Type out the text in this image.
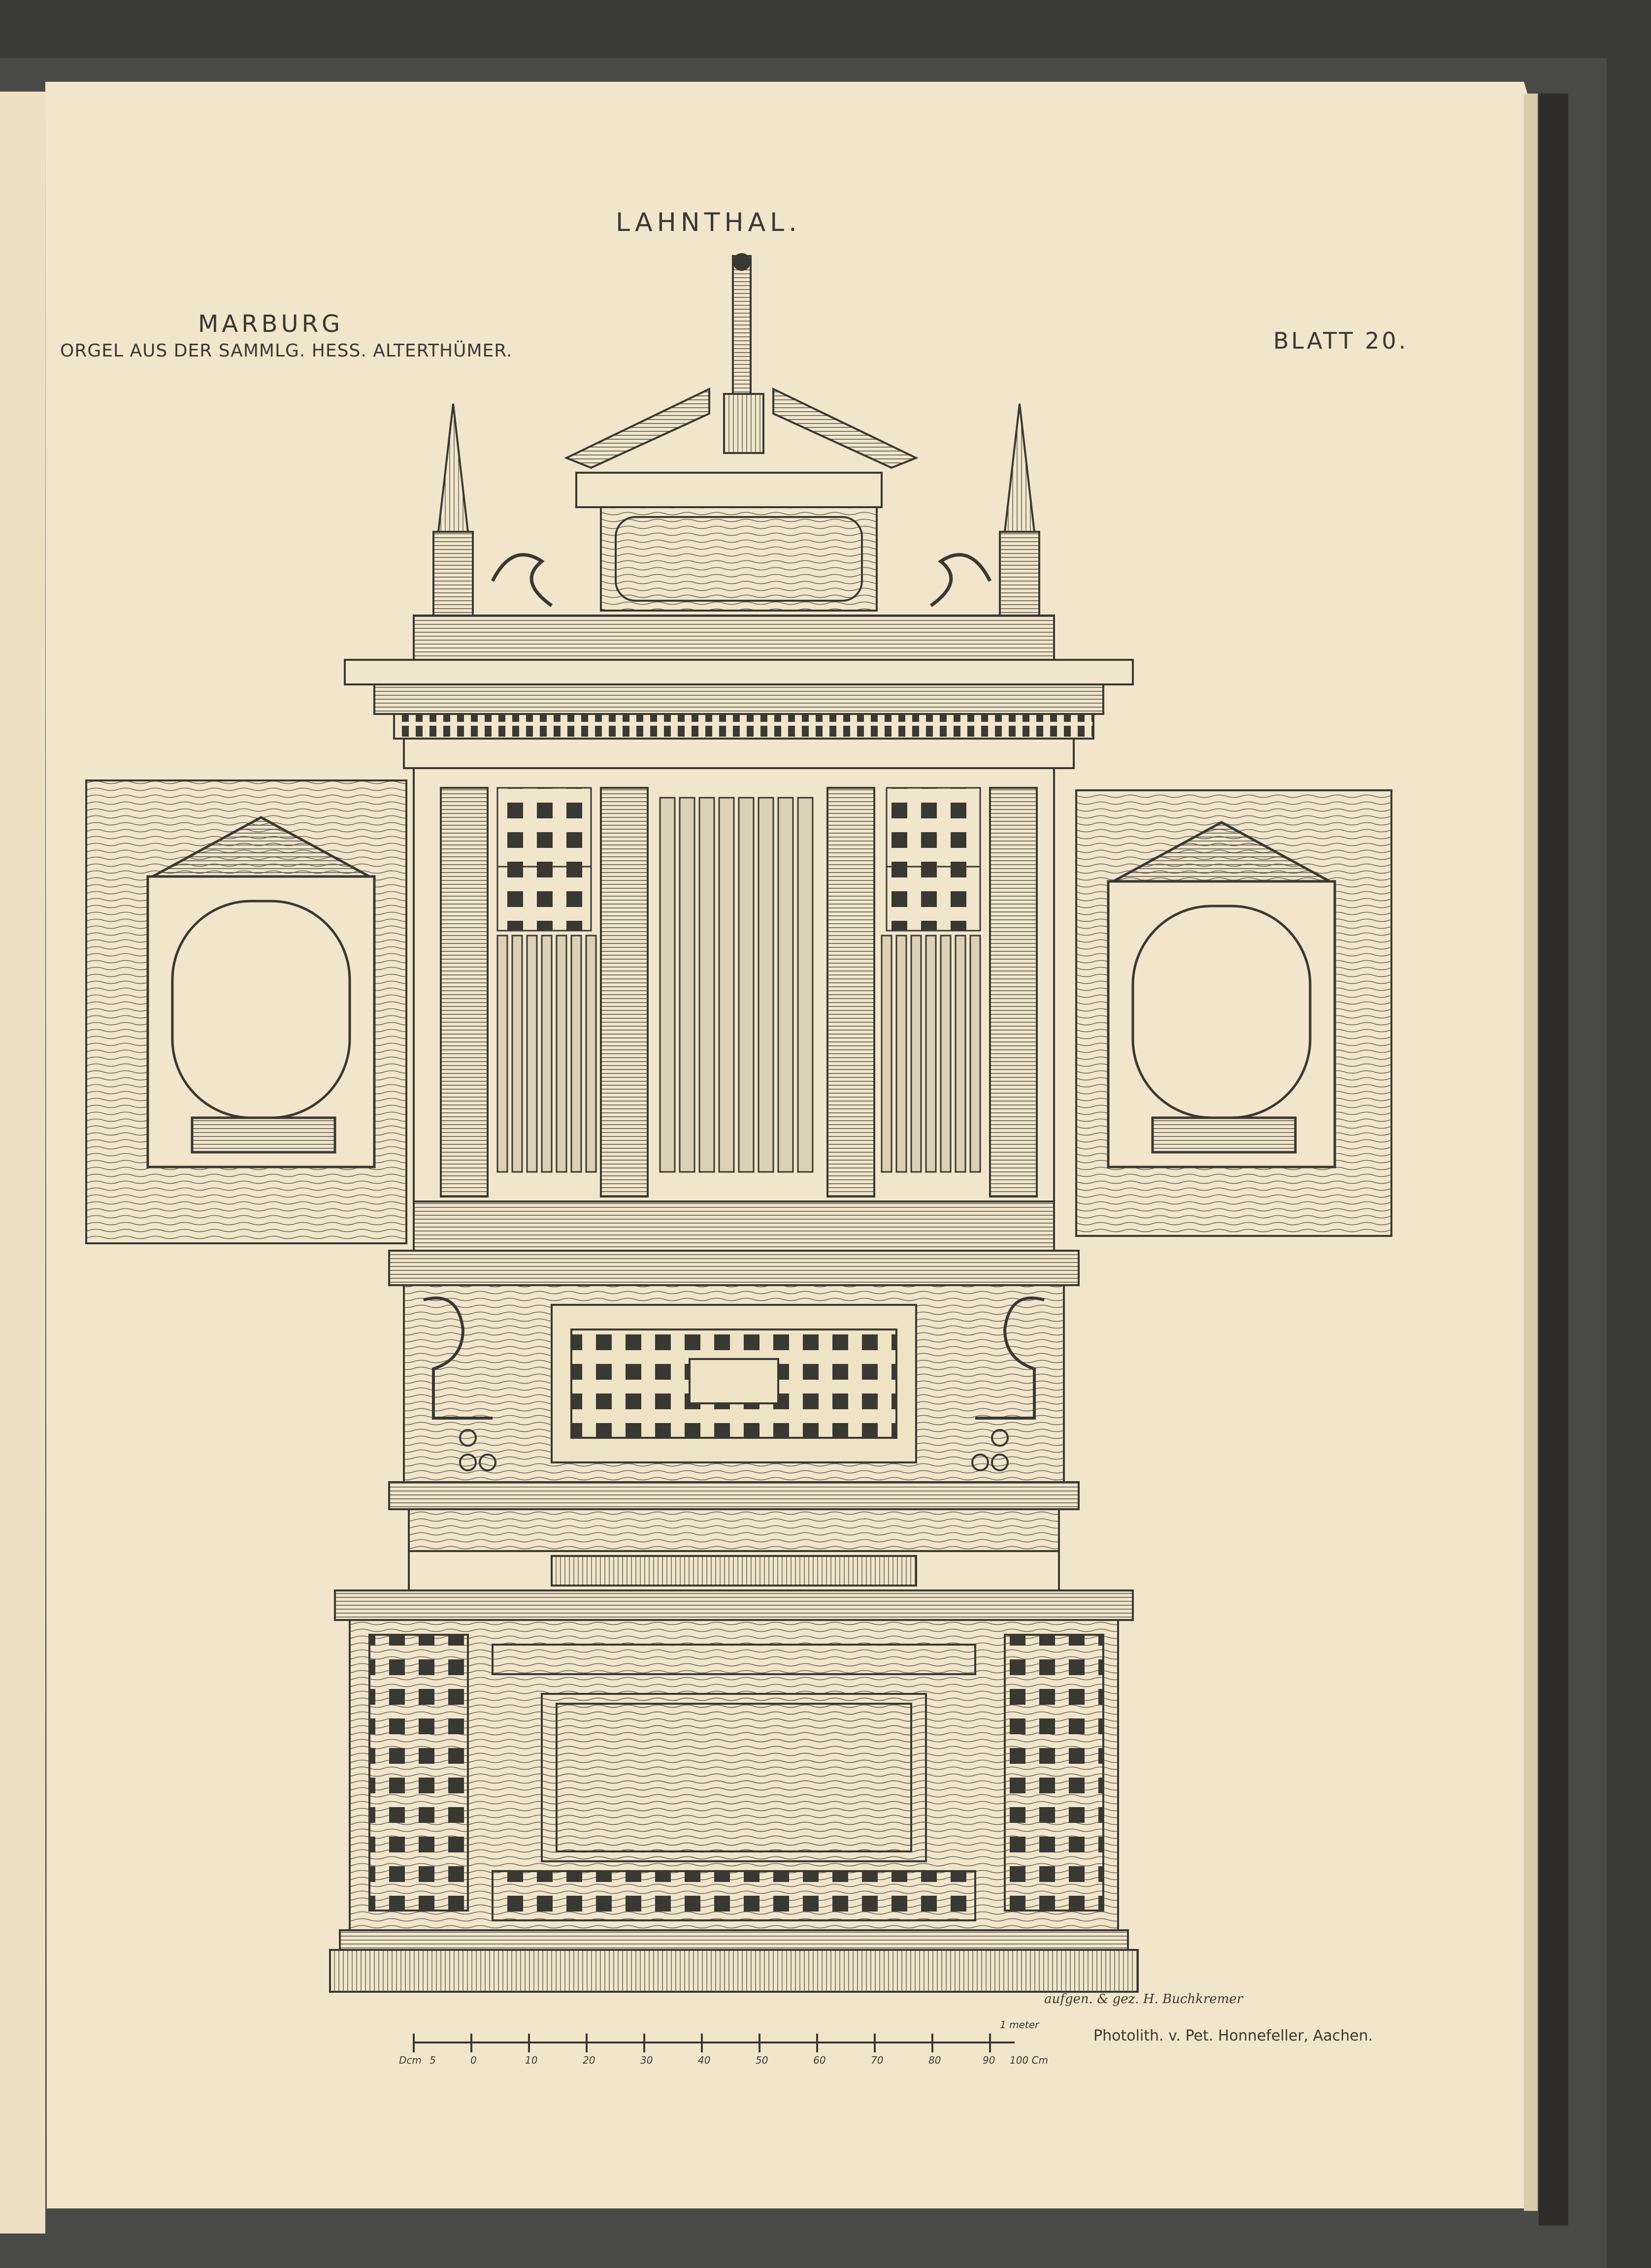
LAHNTHAL.
MARBURG
ORGEL AUS DER SAMMLG. HESS. ALTERTHÜMER.	BLATT 20.
1 meter
Dcm 5	0	10	20	30	40	50	60	70	80	90 100 Cm
aufgen. & gez. H. Buchkremer
Photolith. v. Pet. Honnefeller, Aachen.
